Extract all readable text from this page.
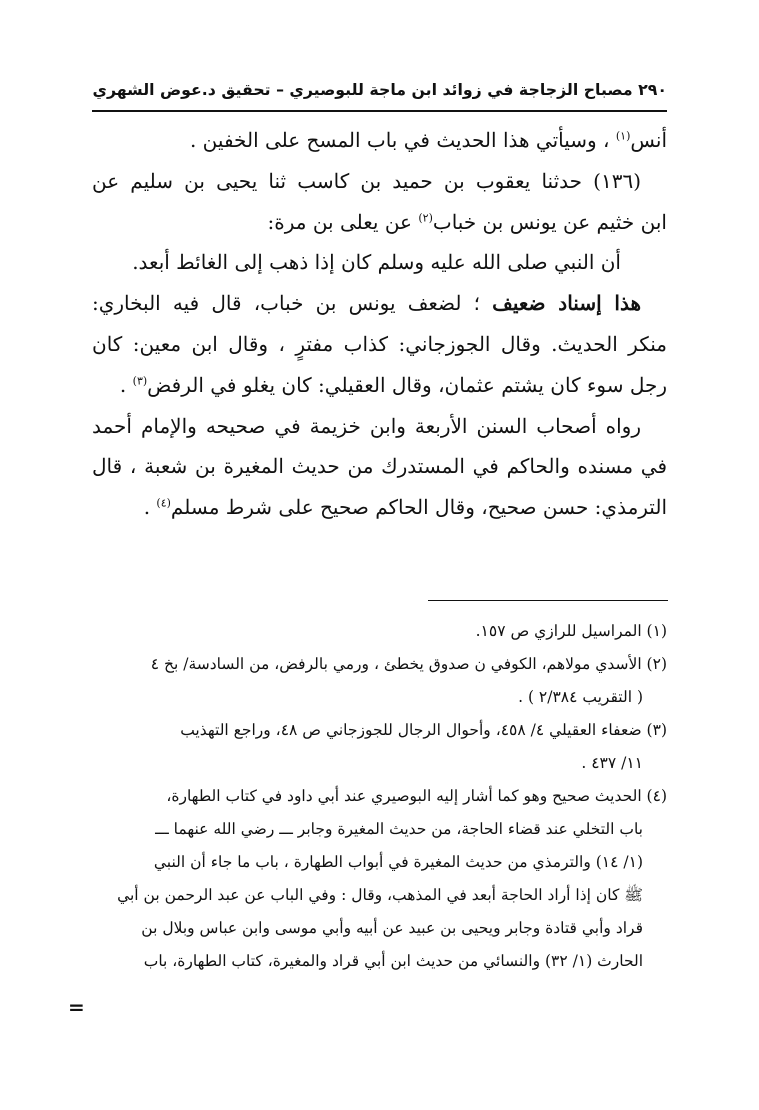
٢٩٠ مصباح الزجاجة في زوائد ابن ماجة للبوصيري – تحقيق د.عوض الشهري
أنس$^{(١)}$ ، وسيأتي هذا الحديث في باب المسح على الخفين .
(١٣٦) حدثنا يعقوب بن حميد بن كاسب ثنا يحيى بن سليم عن
ابن خثيم عن يونس بن خباب$^{(٢)}$ عن يعلى بن مرة:
أن النبي صلى الله عليه وسلم كان إذا ذهب إلى الغائط أبعد.
هذا إسناد ضعيف ؛ لضعف يونس بن خباب، قال فيه البخاري:
منكر الحديث. وقال الجوزجاني: كذاب مفترٍ ، وقال ابن معين: كان
رجل سوء كان يشتم عثمان، وقال العقيلي: كان يغلو في الرفض$^{(٣)}$ .
رواه أصحاب السنن الأربعة وابن خزيمة في صحيحه والإمام أحمد
في مسنده والحاكم في المستدرك من حديث المغيرة بن شعبة ، قال
الترمذي: حسن صحيح، وقال الحاكم صحيح على شرط مسلم$^{(٤)}$ .
(١) المراسيل للرازي ص ١٥٧.
(٢) الأسدي مولاهم، الكوفي ن صدوق يخطئ ، ورمي بالرفض، من السادسة/ بخ ٤
( التقريب ٢/٣٨٤ ) .
(٣) ضعفاء العقيلي ٤/ ٤٥٨، وأحوال الرجال للجوزجاني ص ٤٨، وراجع التهذيب
١١/ ٤٣٧ .
(٤) الحديث صحيح وهو كما أشار إليه البوصيري عند أبي داود في كتاب الطهارة،
باب التخلي عند قضاء الحاجة، من حديث المغيرة وجابر ـــ رضي الله عنهما ـــ
(١/ ١٤) والترمذي من حديث المغيرة في أبواب الطهارة ، باب ما جاء أن النبي
ﷺ كان إذا أراد الحاجة أبعد في المذهب، وقال : وفي الباب عن عبد الرحمن بن أبي
قراد وأبي قتادة وجابر ويحيى بن عبيد عن أبيه وأبي موسى وابن عباس وبلال بن
الحارث (١/ ٣٢) والنسائي من حديث ابن أبي قراد والمغيرة، كتاب الطهارة، باب
=
